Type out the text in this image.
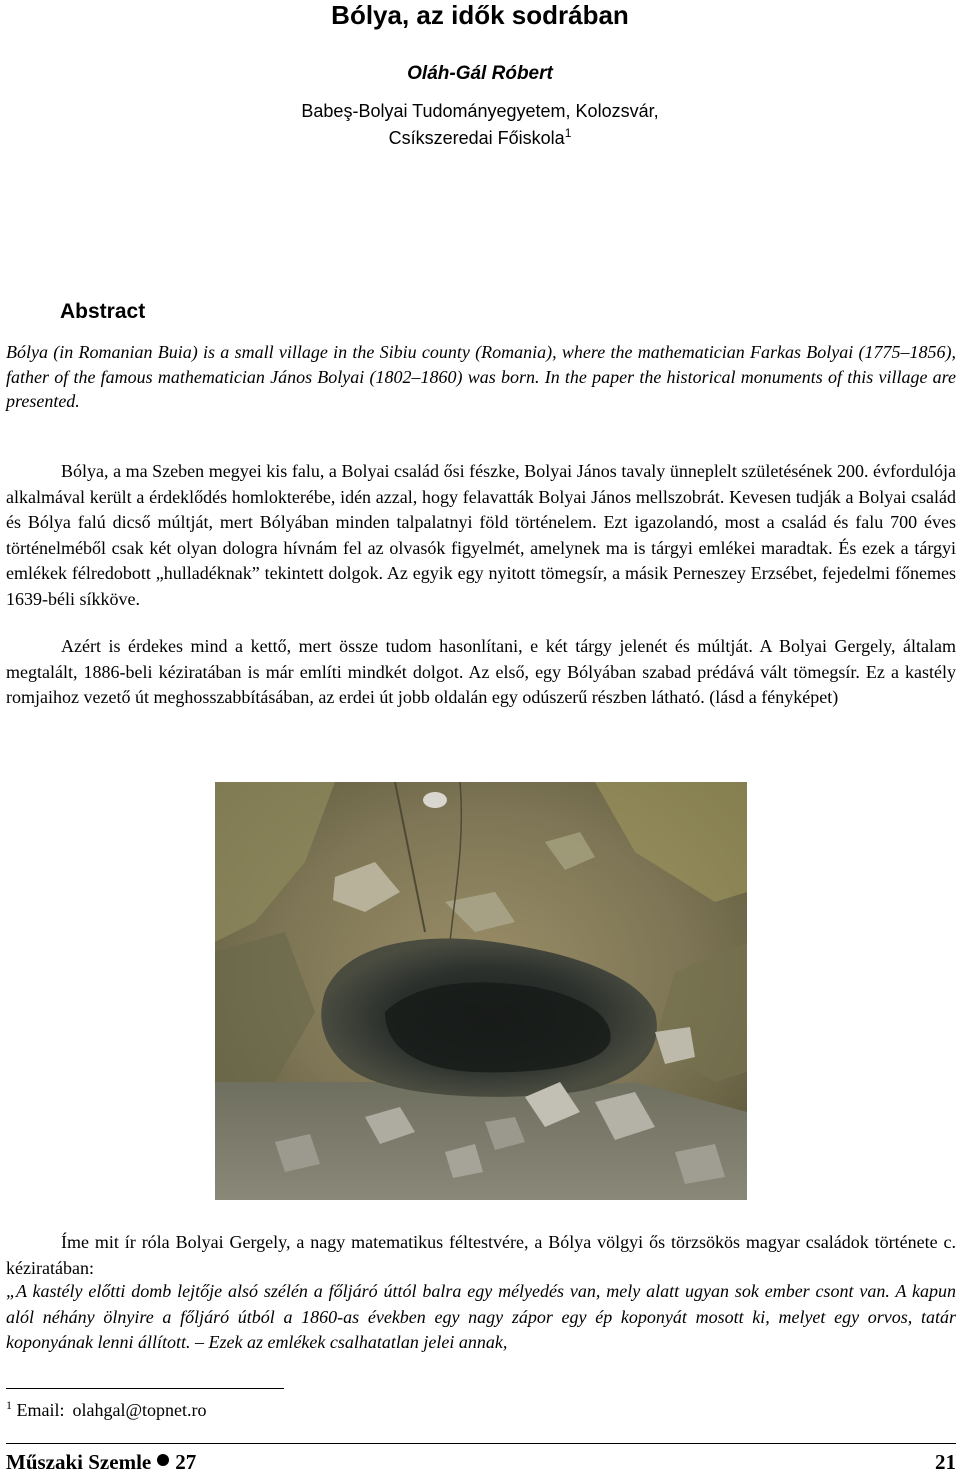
Bólya, az idők sodrában
Oláh-Gál Róbert
Babeş-Bolyai Tudományegyetem, Kolozsvár,
Csíkszeredai Főiskola$^1$
Abstract

Bólya (in Romanian Buia) is a small village in the Sibiu county (Romania), where the mathematician Farkas Bolyai (1775–1856), father of the famous mathematician János Bolyai (1802–1860) was born. In the paper the historical monuments of this village are presented.

Bólya, a ma Szeben megyei kis falu, a Bolyai család ősi fészke, Bolyai János tavaly ünneplelt születésének 200. évfordulója alkalmával került a érdeklődés homlokterébe, idén azzal, hogy felavatták Bolyai János mellszobrát. Kevesen tudják a Bolyai család és Bólya falú dicső múltját, mert Bólyában minden talpalatnyi föld történelem. Ezt igazolandó, most a család és falu 700 éves történelméből csak két olyan dologra hívnám fel az olvasók figyelmét, amelynek ma is tárgyi emlékei maradtak. És ezek a tárgyi emlékek félredobott „hulladéknak” tekintett dolgok. Az egyik egy nyitott tömegsír, a másik Perneszey Erzsébet, fejedelmi főnemes 1639-béli síkköve.

Azért is érdekes mind a kettő, mert össze tudom hasonlítani, e két tárgy jelenét és múltját. A Bolyai Gergely, általam megtalált, 1886-beli kéziratában is már említi mindkét dolgot. Az első, egy Bólyában szabad prédává vált tömegsír. Ez a kastély romjaihoz vezető út meghosszabbításában, az erdei út jobb oldalán egy odúszerű részben látható. (lásd a fényképet)

Íme mit ír róla Bolyai Gergely, a nagy matematikus féltestvére, a Bólya völgyi ős törzsökös magyar családok története c. kéziratában:

„A kastély előtti domb lejtője alsó szélén a főljáró úttól balra egy mélyedés van, mely alatt ugyan sok ember csont van. A kapun alól néhány ölnyire a főljáró útból a 1860-as években egy nagy zápor egy ép koponyát mosott ki, melyet egy orvos, tatár koponyának lenni állított. – Ezek az emlékek csalhatatlan jelei annak,

$^1$ Email: olahgal@topnet.ro
Műszaki Szemle 27	21
